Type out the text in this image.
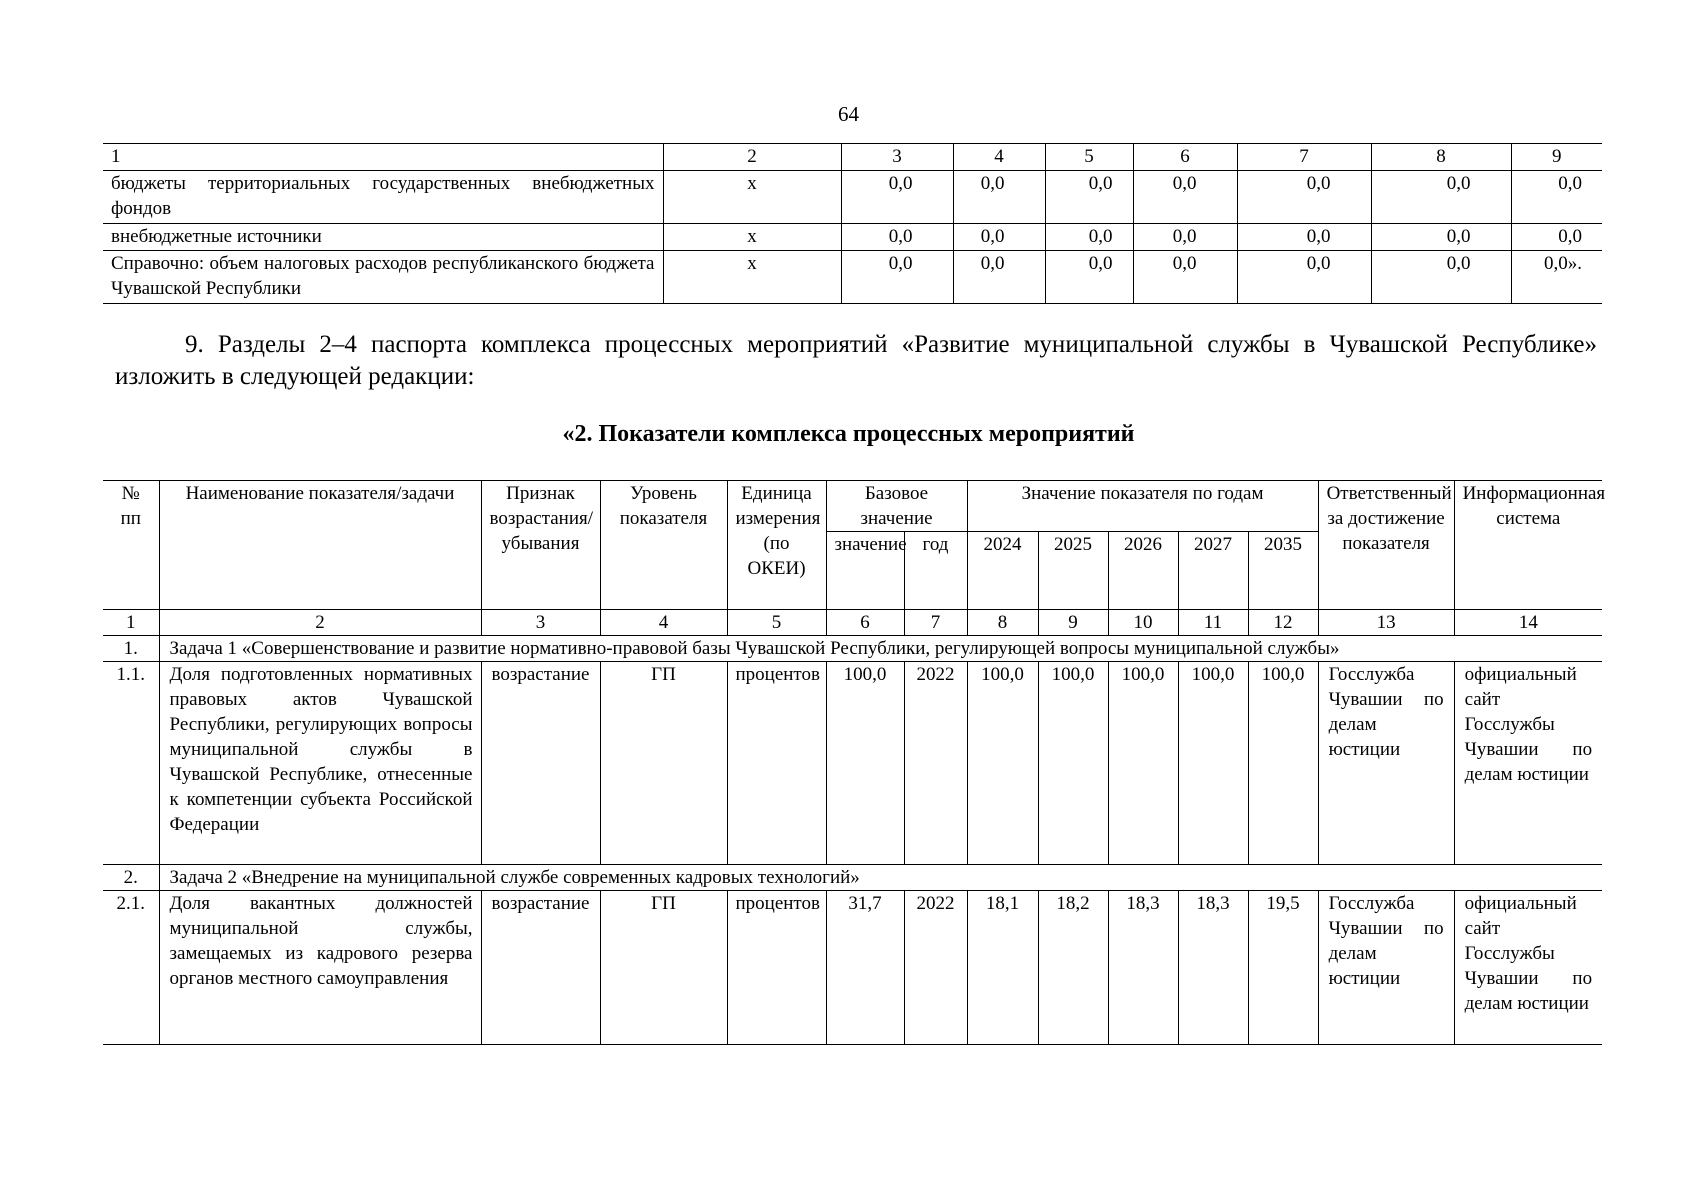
64
1	2	3	4	5	6	7	8	9
бюджеты территориальных государственных внебюджетных фондов	x	0,0	0,0	0,0	0,0	0,0	0,0	0,0
внебюджетные источники	x	0,0	0,0	0,0	0,0	0,0	0,0	0,0
Справочно: объем налоговых расходов республиканского бюджета Чувашской Республики	x	0,0	0,0	0,0	0,0	0,0	0,0	0,0».
9. Разделы 2–4 паспорта комплекса процессных мероприятий «Развитие муниципальной службы в Чувашской Республике» изложить в следующей редакции:
«2. Показатели комплекса процессных мероприятий
№ пп	Наименование показателя/задачи	Признак возрастания/убывания	Уровень показателя	Единица измерения (по ОКЕИ)	Базовое значение		Значение показателя по годам					Ответственный за достижение показателя	Информационная система
					значение	год	2024	2025	2026	2027	2035		
1	2	3	4	5	6	7	8	9	10	11	12	13	14
1.	Задача 1 «Совершенствование и развитие нормативно-правовой базы Чувашской Республики, регулирующей вопросы муниципальной службы»												
1.1.	Доля подготовленных нормативных правовых актов Чувашской Республики, регулирующих вопросы муниципальной службы в Чувашской Республике, отнесенные к компетенции субъекта Российской Федерации	возрастание	ГП	процентов	100,0	2022	100,0	100,0	100,0	100,0	100,0	Госслужба Чувашии по делам юстиции	официальный сайт Госслужбы Чувашии по делам юстиции
2.	Задача 2 «Внедрение на муниципальной службе современных кадровых технологий»												
2.1.	Доля вакантных должностей муниципальной службы, замещаемых из кадрового резерва органов местного самоуправления	возрастание	ГП	процентов	31,7	2022	18,1	18,2	18,3	18,3	19,5	Госслужба Чувашии по делам юстиции	официальный сайт Госслужбы Чувашии по делам юстиции
